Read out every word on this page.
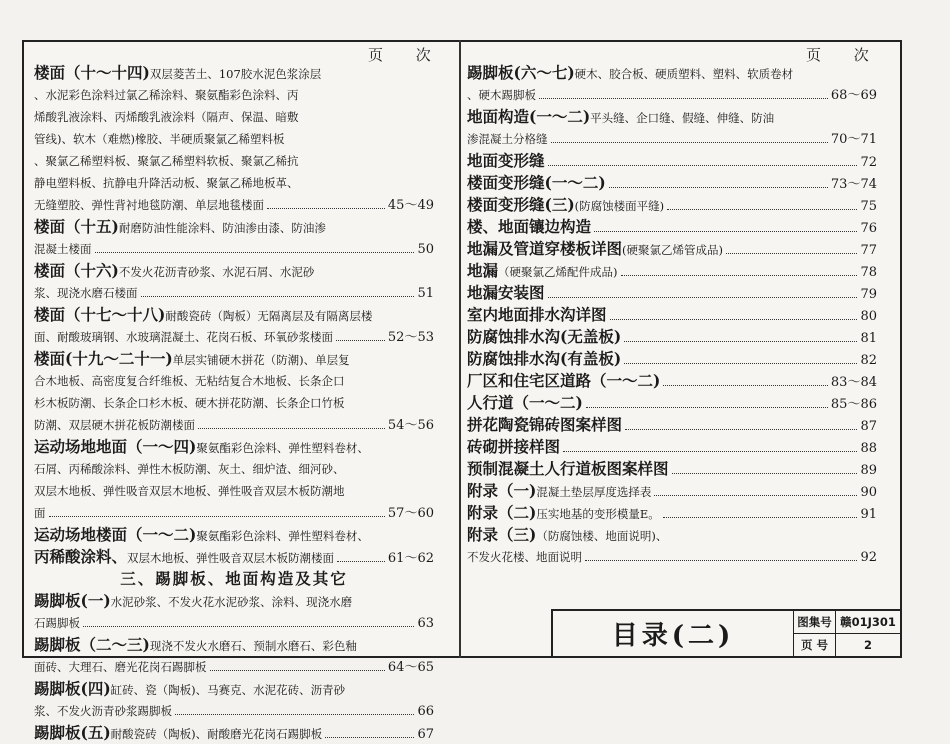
页 次	页 次
楼面（十～十四) 双层菱苦土、107胶水泥色浆涂层
、水泥彩色涂料过氯乙稀涂料、聚氨酯彩色涂料、丙
烯酸乳液涂料、丙烯酸乳液涂料（隔声、保温、暗敷
管线)、软木（难燃)橡胶、半硬质聚氯乙稀塑料板
、聚氯乙稀塑料板、聚氯乙稀塑料软板、聚氯乙稀抗
静电塑料板、抗静电升降活动板、聚氯乙稀地板革、
无缝塑胶、弹性背衬地毯防潮、单层地毯楼面	45～49
楼面（十五) 耐磨防油性能涂料、防油渗由漆、防油渗
混凝土楼面	50
楼面（十六) 不发火花沥青砂浆、水泥石屑、水泥砂
浆、现浇水磨石楼面	51
楼面（十七～十八) 耐酸瓷砖（陶板）无隔离层及有隔离层楼
面、耐酸玻璃钢、水玻璃混凝土、花岗石板、环氧砂浆楼面	52～53
楼面(十九～二十一) 单层实铺硬木拼花（防潮)、单层复
合木地板、高密度复合纤维板、无粘结复合木地板、长条企口
杉木板防潮、长条企口杉木板、硬木拼花防潮、长条企口竹板
防潮、双层硬木拼花板防潮楼面	54～56
运动场地地面（一～四) 聚氨酯彩色涂料、弹性塑料卷材、
石屑、丙稀酸涂料、弹性木板防潮、灰土、细炉渣、细河砂、
双层木地板、弹性吸音双层木地板、弹性吸音双层木板防潮地
面	57～60
运动场地楼面（一～二) 聚氨酯彩色涂料、弹性塑料卷材、
丙稀酸涂料、 双层木地板、弹性吸音双层木板防潮楼面	61～62
三、踢脚板、地面构造及其它
踢脚板(一) 水泥砂浆、不发火花水泥砂浆、涂料、现浇水磨
石踢脚板	63
踢脚板（二～三) 现浇不发火水磨石、预制水磨石、彩色釉
面砖、大理石、磨光花岗石踢脚板	64～65
踢脚板(四) 缸砖、瓷（陶板)、马赛克、水泥花砖、沥青砂
浆、不发火沥青砂浆踢脚板	66
踢脚板(五) 耐酸瓷砖（陶板)、耐酸磨光花岗石踢脚板	67
踢脚板(六～七) 硬木、胶合板、硬质塑料、塑料、软质卷材
、硬木踢脚板	68～69
地面构造(一～二) 平头缝、企口缝、假缝、伸缝、防油
渗混凝土分格缝	70～71
地面变形缝	72
楼面变形缝(一～二)	73～74
楼面变形缝(三) (防腐蚀楼面平缝)	75
楼、地面镶边构造	76
地漏及管道穿楼板详图 (硬聚氯乙烯管成品)	77
地漏 （硬聚氯乙烯配件成品)	78
地漏安装图	79
室内地面排水沟详图	80
防腐蚀排水沟(无盖板)	81
防腐蚀排水沟(有盖板)	82
厂区和住宅区道路（一～二)	83～84
人行道（一～二)	85～86
拼花陶瓷锦砖图案样图	87
砖砌拼接样图	88
预制混凝土人行道板图案样图	89
附录（一) 混凝土垫层厚度选择表	90
附录（二) 压实地基的变形模量E。	91
附录（三) （防腐蚀楼、地面说明)、
不发火花楼、地面说明	92
目录(二)	图集号 赣01J301
页 号	2
